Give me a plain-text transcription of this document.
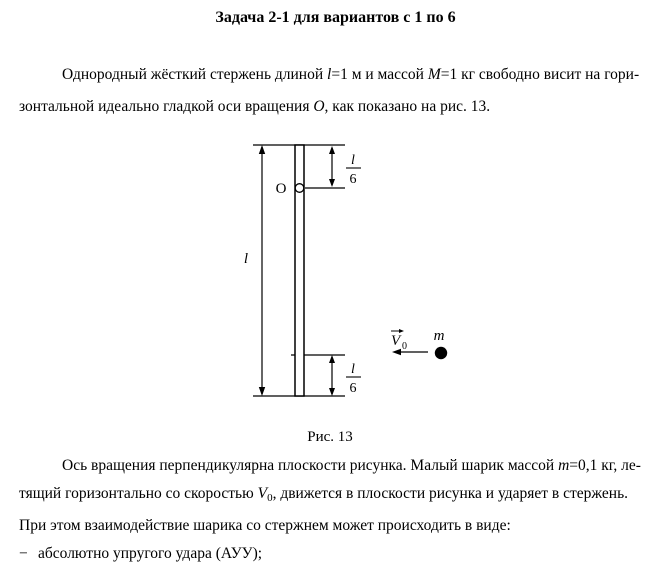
Задача 2-1 для вариантов с 1 по 6
Однородный жёсткий стержень длиной l=1 м и массой M=1 кг свободно висит на гори-
зонтальной идеально гладкой оси вращения О, как показано на рис. 13.
l
l
6
О
l
6
V 0
m
Рис. 13
Ось вращения перпендикулярна плоскости рисунка. Малый шарик массой m=0,1 кг, ле-
тящий горизонтально со скоростью $V_0$, движется в плоскости рисунка и ударяет в стержень.
При этом взаимодействие шарика со стержнем может происходить в виде:
− абсолютно упругого удара (АУУ);
